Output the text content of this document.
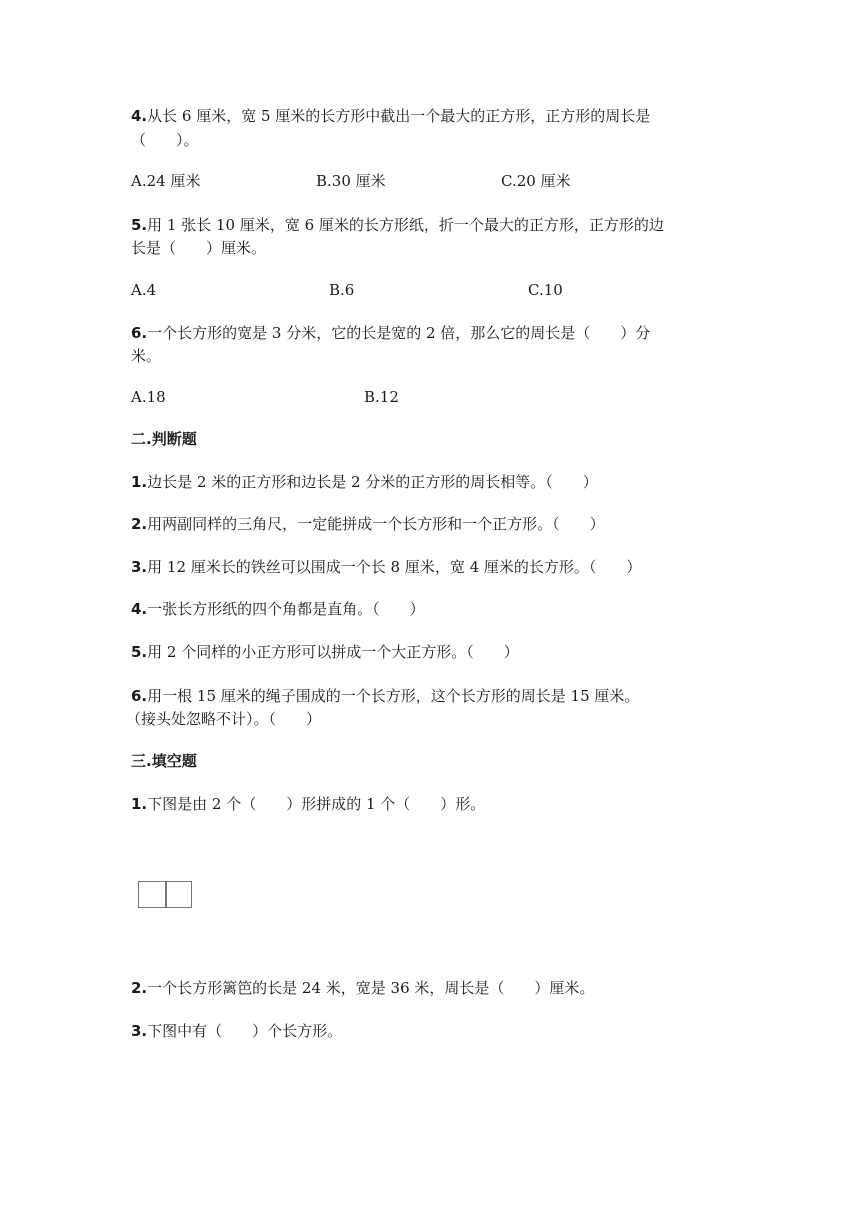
4.从长 6 厘米，宽 5 厘米的长方形中截出一个最大的正方形，正方形的周长是
（　　）。
A.24 厘米	B.30 厘米	C.20 厘米
5.用 1 张长 10 厘米，宽 6 厘米的长方形纸，折一个最大的正方形，正方形的边
长是（　　）厘米。
A.4	B.6	C.10
6.一个长方形的宽是 3 分米，它的长是宽的 2 倍，那么它的周长是（　　）分
米。
A.18	B.12
二.判断题
1.边长是 2 米的正方形和边长是 2 分米的正方形的周长相等。（　　）
2.用两副同样的三角尺，一定能拼成一个长方形和一个正方形。（　　）
3.用 12 厘米长的铁丝可以围成一个长 8 厘米，宽 4 厘米的长方形。（　　）
4.一张长方形纸的四个角都是直角。（　　）
5.用 2 个同样的小正方形可以拼成一个大正方形。（　　）
6.用一根 15 厘米的绳子围成的一个长方形，这个长方形的周长是 15 厘米。
（接头处忽略不计）。（　　）
三.填空题
1.下图是由 2 个（　　）形拼成的 1 个（　　）形。
2.一个长方形篱笆的长是 24 米，宽是 36 米，周长是（　　）厘米。
3.下图中有（　　）个长方形。
